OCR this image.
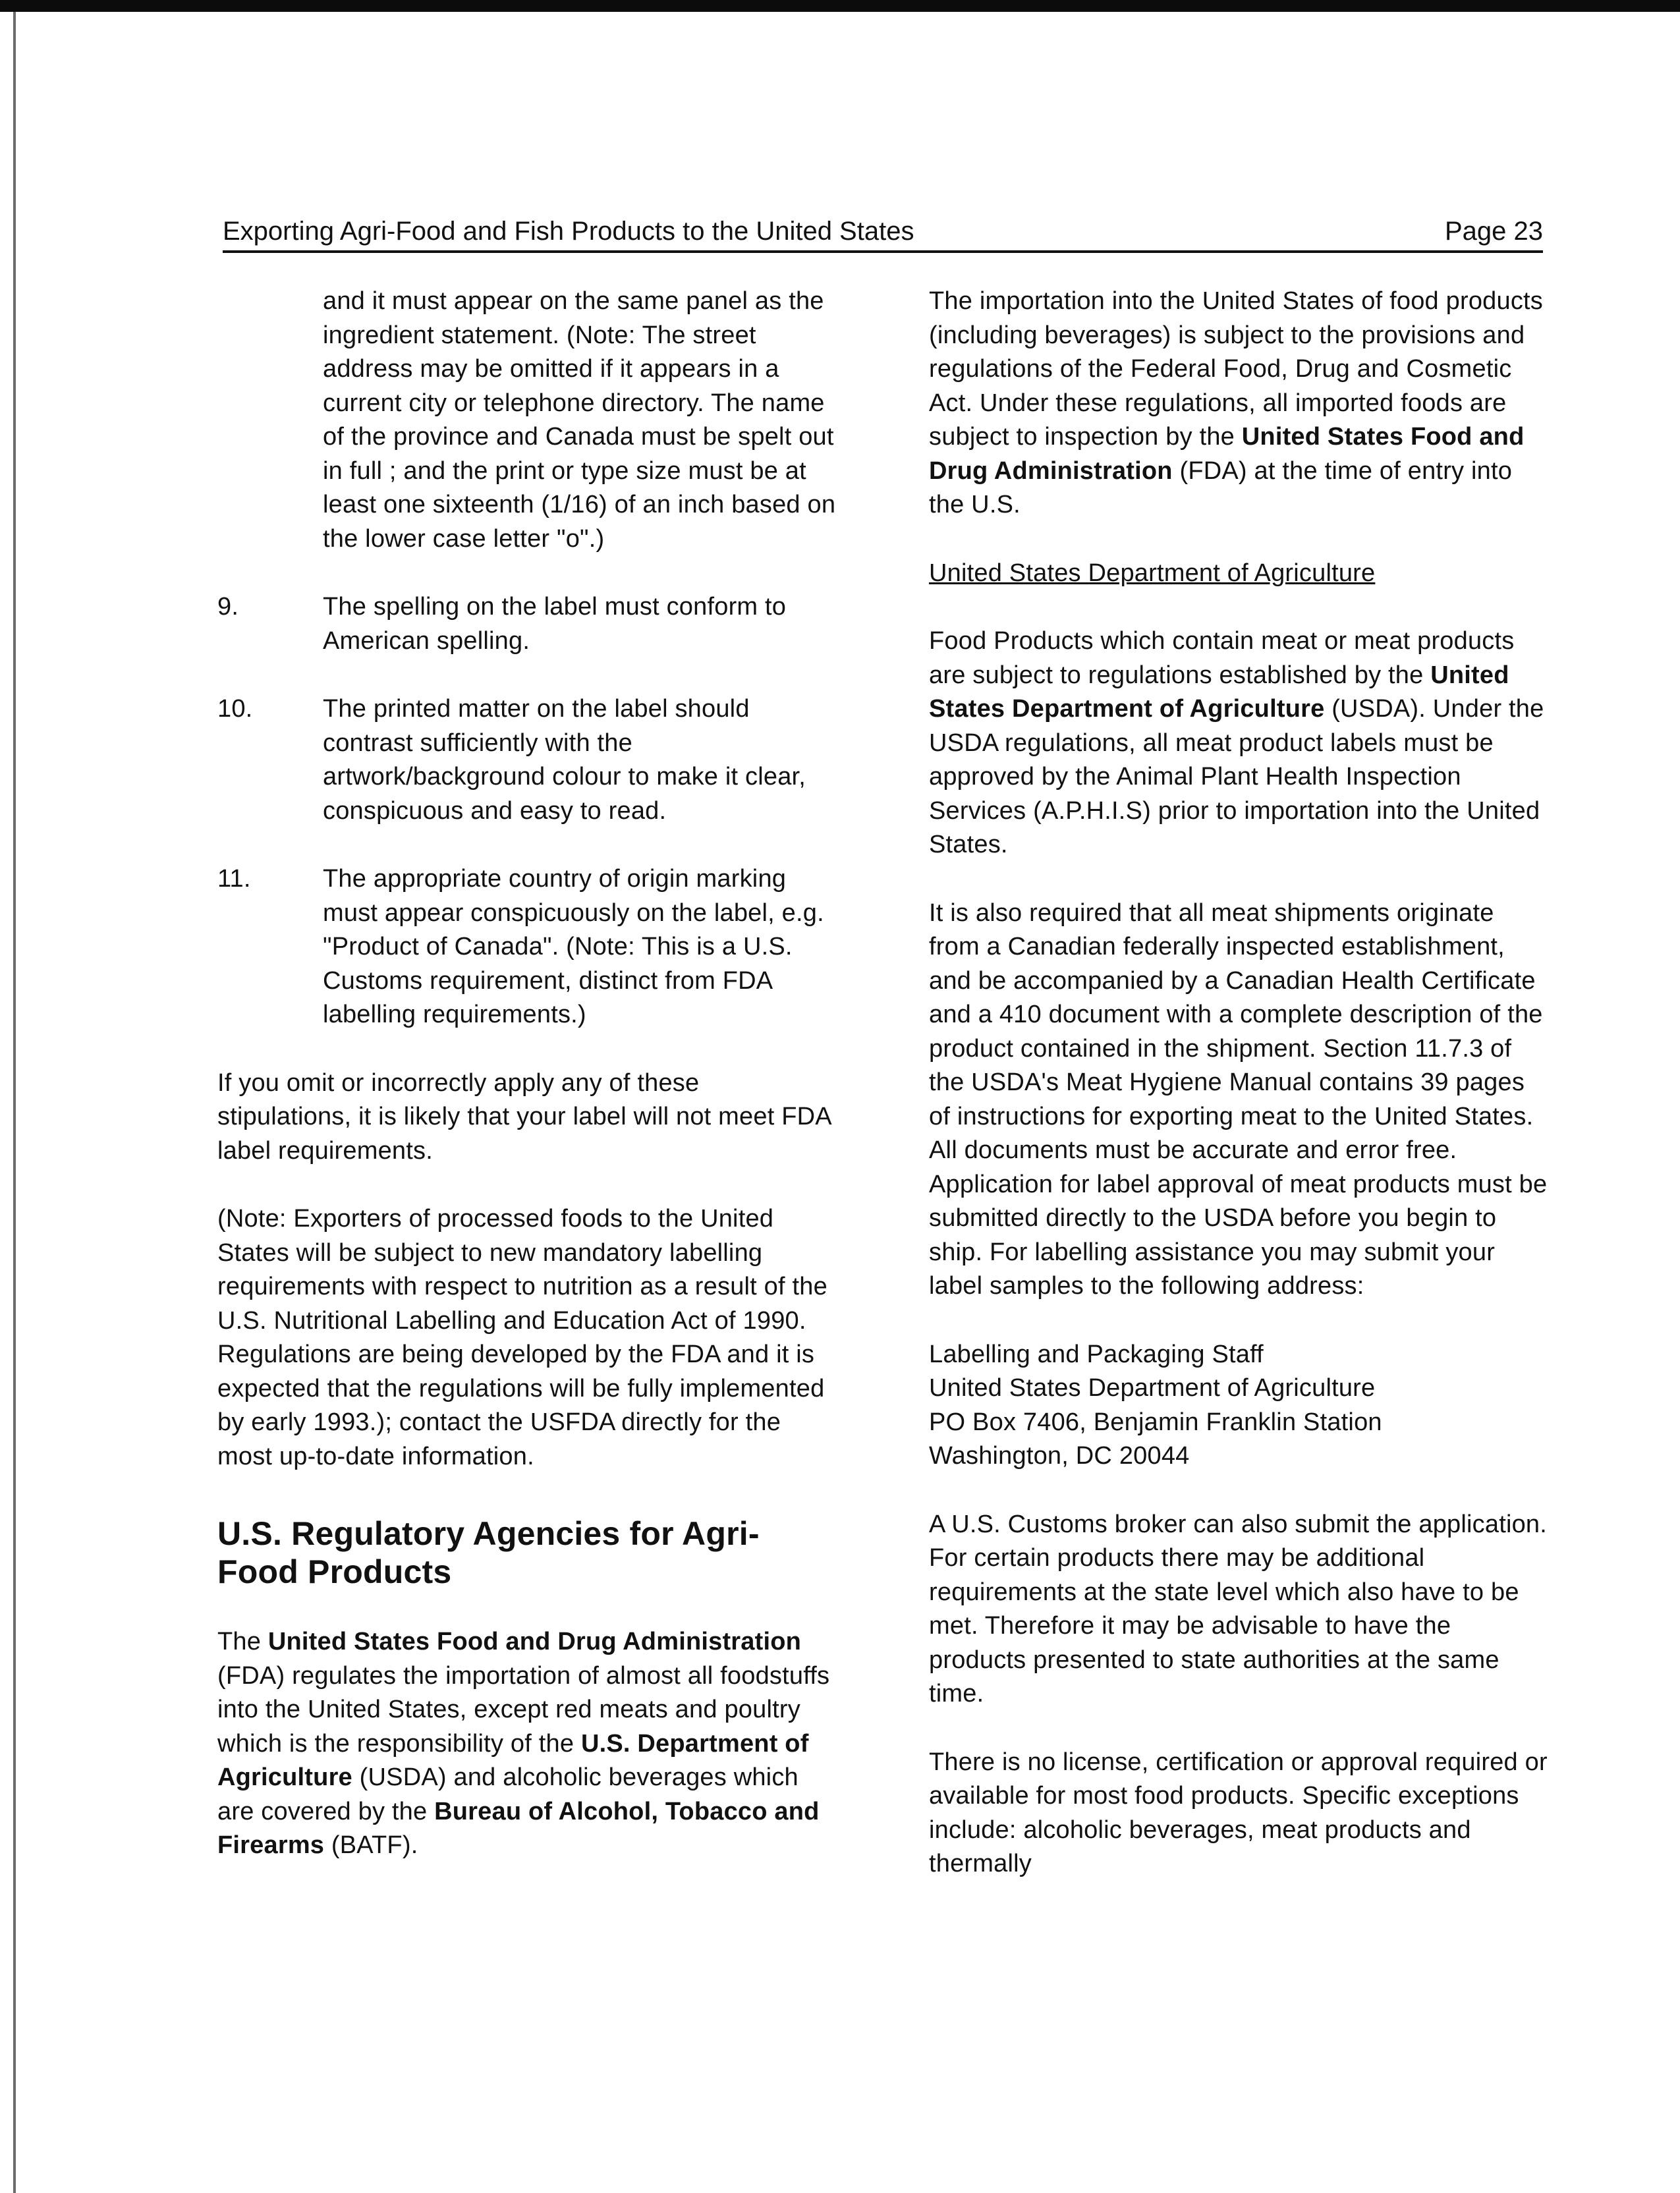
Exporting Agri-Food and Fish Products to the United States	Page 23

and it must appear on the same panel as the ingredient statement. (Note: The street address may be omitted if it appears in a current city or telephone directory. The name of the province and Canada must be spelt out in full ; and the print or type size must be at least one sixteenth (1/16) of an inch based on the lower case letter "o".)

9.	The spelling on the label must conform to American spelling.
10.	The printed matter on the label should contrast sufficiently with the artwork/background colour to make it clear, conspicuous and easy to read.
11.	The appropriate country of origin marking must appear conspicuously on the label, e.g. "Product of Canada". (Note: This is a U.S. Customs requirement, distinct from FDA labelling requirements.)

If you omit or incorrectly apply any of these stipulations, it is likely that your label will not meet FDA label requirements.

(Note: Exporters of processed foods to the United States will be subject to new mandatory labelling requirements with respect to nutrition as a result of the U.S. Nutritional Labelling and Education Act of 1990. Regulations are being developed by the FDA and it is expected that the regulations will be fully implemented by early 1993.); contact the USFDA directly for the most up-to-date information.

U.S. Regulatory Agencies for Agri-Food Products

The United States Food and Drug Administration (FDA) regulates the importation of almost all foodstuffs into the United States, except red meats and poultry which is the responsibility of the U.S. Department of Agriculture (USDA) and alcoholic beverages which are covered by the Bureau of Alcohol, Tobacco and Firearms (BATF).

The importation into the United States of food products (including beverages) is subject to the provisions and regulations of the Federal Food, Drug and Cosmetic Act. Under these regulations, all imported foods are subject to inspection by the United States Food and Drug Administration (FDA) at the time of entry into the U.S.

United States Department of Agriculture

Food Products which contain meat or meat products are subject to regulations established by the United States Department of Agriculture (USDA). Under the USDA regulations, all meat product labels must be approved by the Animal Plant Health Inspection Services (A.P.H.I.S) prior to importation into the United States.

It is also required that all meat shipments originate from a Canadian federally inspected establishment, and be accompanied by a Canadian Health Certificate and a 410 document with a complete description of the product contained in the shipment. Section 11.7.3 of the USDA's Meat Hygiene Manual contains 39 pages of instructions for exporting meat to the United States. All documents must be accurate and error free. Application for label approval of meat products must be submitted directly to the USDA before you begin to ship. For labelling assistance you may submit your label samples to the following address:

Labelling and Packaging Staff
United States Department of Agriculture
PO Box 7406, Benjamin Franklin Station
Washington, DC 20044

A U.S. Customs broker can also submit the application. For certain products there may be additional requirements at the state level which also have to be met. Therefore it may be advisable to have the products presented to state authorities at the same time.

There is no license, certification or approval required or available for most food products. Specific exceptions include: alcoholic beverages, meat products and thermally
